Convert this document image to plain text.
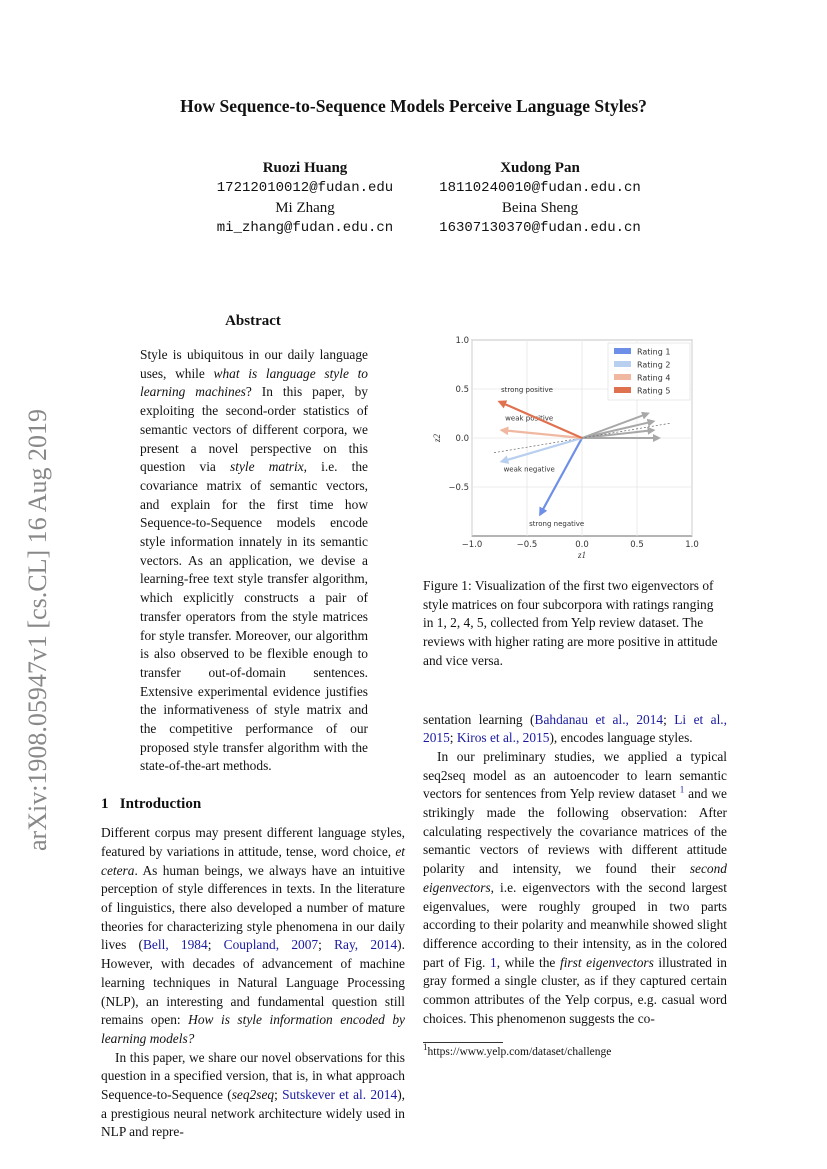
arXiv:1908.05947v1 [cs.CL] 16 Aug 2019
How Sequence-to-Sequence Models Perceive Language Styles?
Ruozi Huang
17212010012@fudan.edu
Mi Zhang
mi_zhang@fudan.edu.cn
Xudong Pan
18110240010@fudan.edu.cn
Beina Sheng
16307130370@fudan.edu.cn
Abstract

Style is ubiquitous in our daily language uses, while what is language style to learning machines? In this paper, by exploiting the second-order statistics of semantic vectors of different corpora, we present a novel perspective on this question via style matrix, i.e. the covariance matrix of semantic vectors, and explain for the first time how Sequence-to-Sequence models encode style information innately in its semantic vectors. As an application, we devise a learning-free text style transfer algorithm, which explicitly constructs a pair of transfer operators from the style matrices for style transfer. Moreover, our algorithm is also observed to be flexible enough to transfer out-of-domain sentences. Extensive experimental evidence justifies the informativeness of style matrix and the competitive performance of our proposed style transfer algorithm with the state-of-the-art methods.

1 Introduction

Different corpus may present different language styles, featured by variations in attitude, tense, word choice, et cetera. As human beings, we always have an intuitive perception of style differences in texts. In the literature of linguistics, there also developed a number of mature theories for characterizing style phenomena in our daily lives (Bell, 1984; Coupland, 2007; Ray, 2014). However, with decades of advancement of machine learning techniques in Natural Language Processing (NLP), an interesting and fundamental question still remains open: How is style information encoded by learning models?

In this paper, we share our novel observations for this question in a specified version, that is, in what approach Sequence-to-Sequence (seq2seq; Sutskever et al. 2014), a prestigious neural network architecture widely used in NLP and repre-

−1.0	−0.5	0.0	0.5	1.0
1.0
0.5
0.0
−0.5
z1
z2
strong negative
weak negative
weak positive
strong positive
Rating 1
Rating 2
Rating 4
Rating 5

Figure 1: Visualization of the first two eigenvectors of style matrices on four subcorpora with ratings ranging in 1, 2, 4, 5, collected from Yelp review dataset. The reviews with higher rating are more positive in attitude and vice versa.

sentation learning (Bahdanau et al., 2014; Li et al., 2015; Kiros et al., 2015), encodes language styles.

In our preliminary studies, we applied a typical seq2seq model as an autoencoder to learn semantic vectors for sentences from Yelp review dataset $^1$ and we strikingly made the following observation: After calculating respectively the covariance matrices of the semantic vectors of reviews with different attitude polarity and intensity, we found their second eigenvectors, i.e. eigenvectors with the second largest eigenvalues, were roughly grouped in two parts according to their polarity and meanwhile showed slight difference according to their intensity, as in the colored part of Fig. 1, while the first eigenvectors illustrated in gray formed a single cluster, as if they captured certain common attributes of the Yelp corpus, e.g. casual word choices. This phenomenon suggests the co-

$^1$https://www.yelp.com/dataset/challenge
